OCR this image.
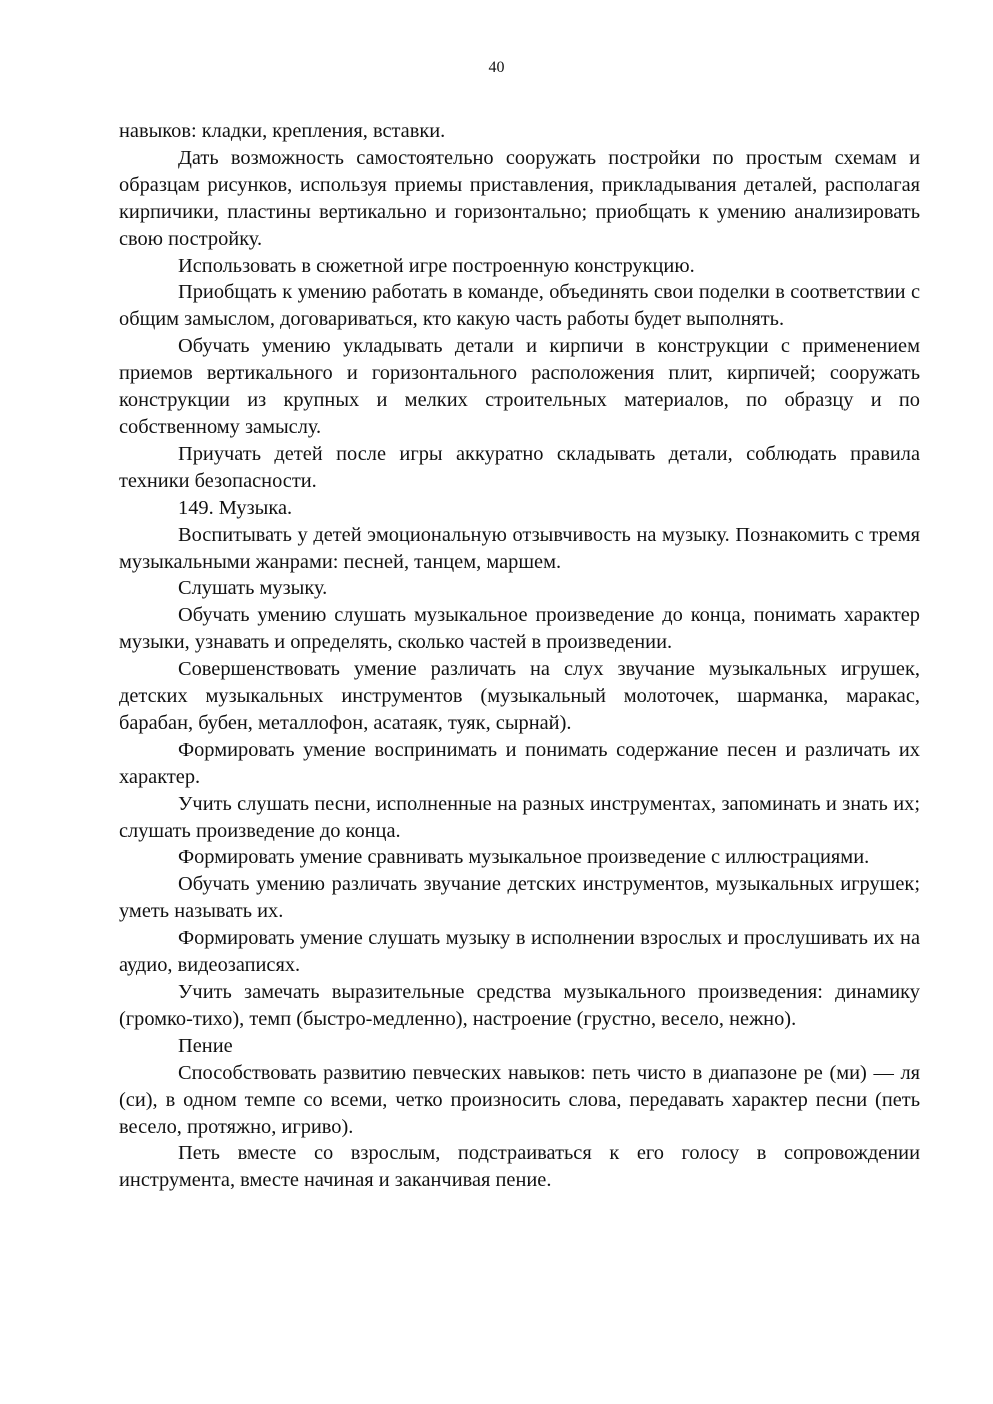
40

навыков: кладки, крепления, вставки.

Дать возможность самостоятельно сооружать постройки по простым схемам и образцам рисунков, используя приемы приставления, прикладывания деталей, располагая кирпичики, пластины вертикально и горизонтально; приобщать к умению анализировать свою постройку.

Использовать в сюжетной игре построенную конструкцию.

Приобщать к умению работать в команде, объединять свои поделки в соответствии с общим замыслом, договариваться, кто какую часть работы будет выполнять.

Обучать умению укладывать детали и кирпичи в конструкции с применением приемов вертикального и горизонтального расположения плит, кирпичей; сооружать конструкции из крупных и мелких строительных материалов, по образцу и по собственному замыслу.

Приучать детей после игры аккуратно складывать детали, соблюдать правила техники безопасности.

149. Музыка.

Воспитывать у детей эмоциональную отзывчивость на музыку. Познакомить с тремя музыкальными жанрами: песней, танцем, маршем.

Слушать музыку.

Обучать умению слушать музыкальное произведение до конца, понимать характер музыки, узнавать и определять, сколько частей в произведении.

Совершенствовать умение различать на слух звучание музыкальных игрушек, детских музыкальных инструментов (музыкальный молоточек, шарманка, маракас, барабан, бубен, металлофон, асатаяк, туяк, сырнай).

Формировать умение воспринимать и понимать содержание песен и различать их характер.

Учить слушать песни, исполненные на разных инструментах, запоминать и знать их; слушать произведение до конца.

Формировать умение сравнивать музыкальное произведение с иллюстрациями.

Обучать умению различать звучание детских инструментов, музыкальных игрушек; уметь называть их.

Формировать умение слушать музыку в исполнении взрослых и прослушивать их на аудио, видеозаписях.

Учить замечать выразительные средства музыкального произведения: динамику (громко-тихо), темп (быстро-медленно), настроение (грустно, весело, нежно).

Пение

Способствовать развитию певческих навыков: петь чисто в диапазоне ре (ми) — ля (си), в одном темпе со всеми, четко произносить слова, передавать характер песни (петь весело, протяжно, игриво).

Петь вместе со взрослым, подстраиваться к его голосу в сопровождении инструмента, вместе начиная и заканчивая пение.
